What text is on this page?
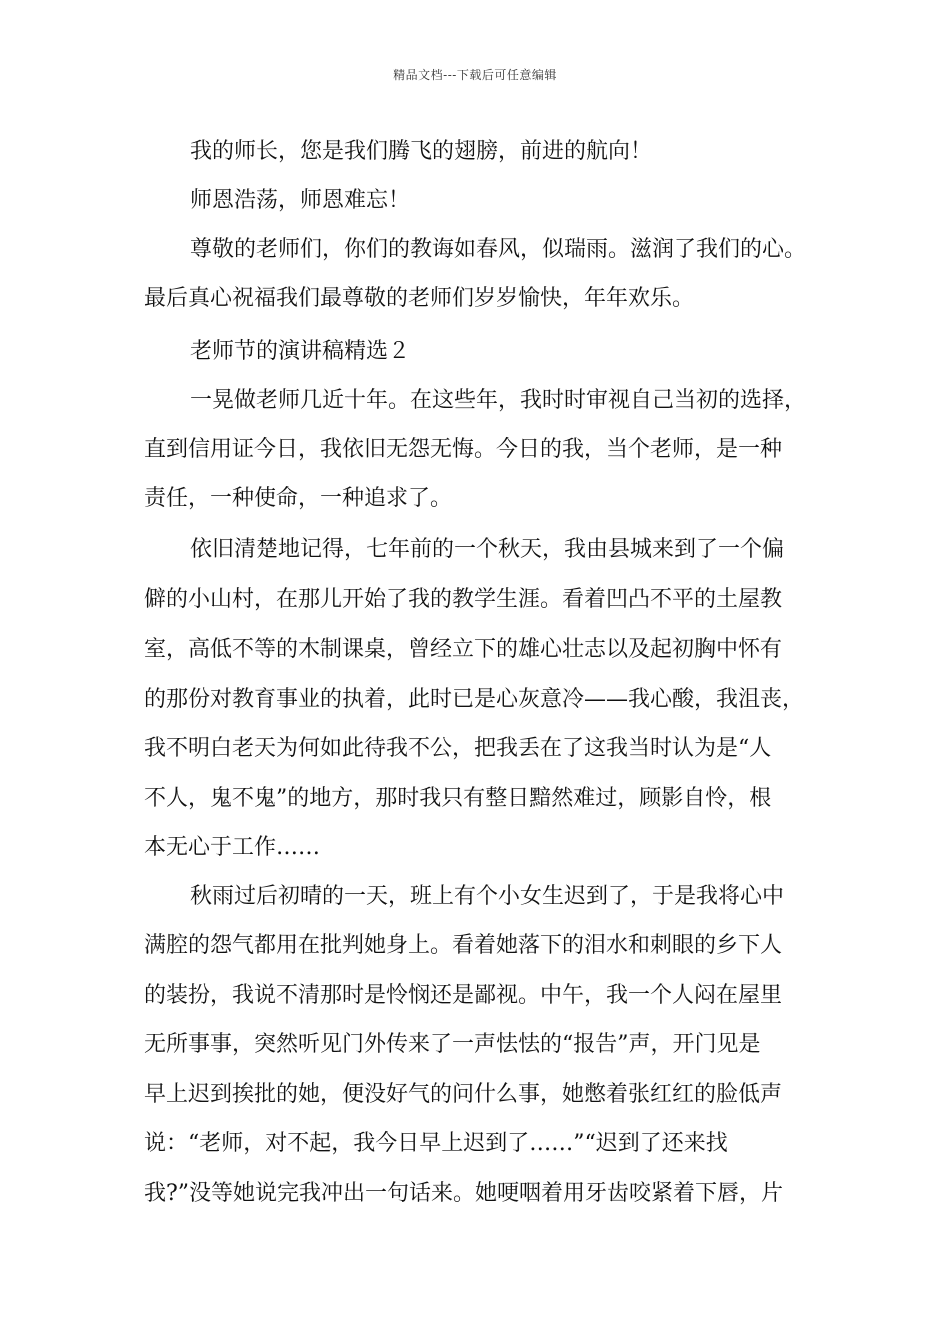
精品文档---下载后可任意编辑
我的师长，您是我们腾飞的翅膀，前进的航向！
师恩浩荡，师恩难忘！
尊敬的老师们，你们的教诲如春风，似瑞雨。滋润了我们的心。
最后真心祝福我们最尊敬的老师们岁岁愉快，年年欢乐。
老师节的演讲稿精选２
一晃做老师几近十年。在这些年，我时时审视自己当初的选择，
直到信用证今日，我依旧无怨无悔。今日的我，当个老师，是一种
责任，一种使命，一种追求了。
依旧清楚地记得，七年前的一个秋天，我由县城来到了一个偏
僻的小山村，在那儿开始了我的教学生涯。看着凹凸不平的土屋教
室，高低不等的木制课桌，曾经立下的雄心壮志以及起初胸中怀有
的那份对教育事业的执着，此时已是心灰意冷——我心酸，我沮丧，
我不明白老天为何如此待我不公，把我丢在了这我当时认为是“人
不人，鬼不鬼”的地方，那时我只有整日黯然难过，顾影自怜，根
本无心于工作……
秋雨过后初晴的一天，班上有个小女生迟到了，于是我将心中
满腔的怨气都用在批判她身上。看着她落下的泪水和刺眼的乡下人
的装扮，我说不清那时是怜悯还是鄙视。中午，我一个人闷在屋里
无所事事，突然听见门外传来了一声怯怯的“报告”声，开门见是
早上迟到挨批的她，便没好气的问什么事，她憋着张红红的脸低声
说：“老师，对不起，我今日早上迟到了……”“迟到了还来找
我?”没等她说完我冲出一句话来。她哽咽着用牙齿咬紧着下唇，片
